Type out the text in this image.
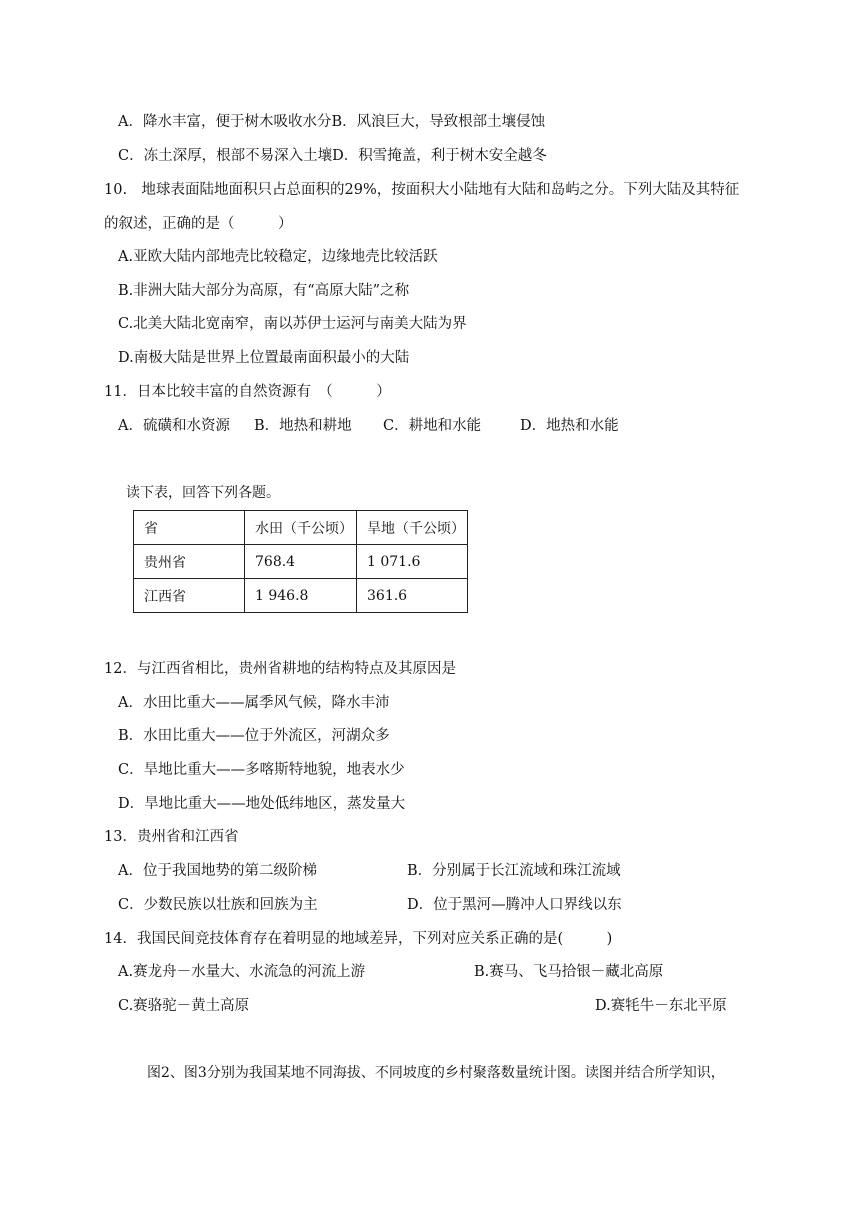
A．降水丰富，便于树木吸收水分B．风浪巨大，导致根部土壤侵蚀
C．冻土深厚，根部不易深入土壤D．积雪掩盖，利于树木安全越冬
10.　地球表面陆地面积只占总面积的29%，按面积大小陆地有大陆和岛屿之分。下列大陆及其特征
的叙述，正确的是（　　　）
A.亚欧大陆内部地壳比较稳定，边缘地壳比较活跃
B.非洲大陆大部分为高原，有“高原大陆”之称
C.北美大陆北宽南窄，南以苏伊士运河与南美大陆为界
D.南极大陆是世界上位置最南面积最小的大陆
11．日本比较丰富的自然资源有　（　　　）
A．硫磺和水资源 B．地热和耕地 C．耕地和水能	D．地热和水能
读下表，回答下列各题。
省	水田（千公顷）	旱地（千公顷）
贵州省	768.4	1 071.6
江西省	1 946.8	361.6
12．与江西省相比，贵州省耕地的结构特点及其原因是
A．水田比重大——属季风气候，降水丰沛
B．水田比重大——位于外流区，河湖众多
C．旱地比重大——多喀斯特地貌，地表水少
D．旱地比重大——地处低纬地区，蒸发量大
13．贵州省和江西省
A．位于我国地势的第二级阶梯	B．分别属于长江流域和珠江流域
C．少数民族以壮族和回族为主	D．位于黑河—腾冲人口界线以东
14．我国民间竞技体育存在着明显的地域差异，下列对应关系正确的是(　　　)
A.赛龙舟－水量大、水流急的河流上游	B.赛马、飞马拾银－藏北高原
C.赛骆驼－黄土高原	D.赛牦牛－东北平原
图2、图3分别为我国某地不同海拔、不同坡度的乡村聚落数量统计图。读图并结合所学知识，
